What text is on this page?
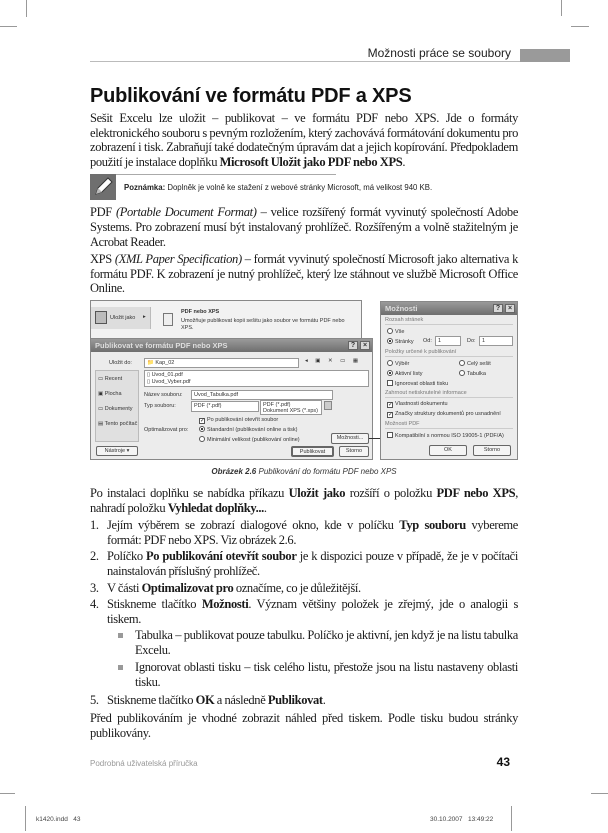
Možnosti práce se soubory
Publikování ve formátu PDF a XPS
Sešit Excelu lze uložit – publikovat – ve formátu PDF nebo XPS. Jde o formáty elektronického souboru s pevným rozložením, který zachovává formátování dokumentu pro zobrazení i tisk. Zabraňují také dodatečným úpravám dat a jejich kopírování. Předpokladem použití je instalace doplňku Microsoft Uložit jako PDF nebo XPS.
Poznámka: Doplněk je volně ke stažení z webové stránky Microsoft, má velikost 940 KB.
PDF (Portable Document Format) – velice rozšířený formát vyvinutý společností Adobe Systems. Pro zobrazení musí být instalovaný prohlížeč. Rozšířeným a volně stažitelným je Acrobat Reader.
XPS (XML Paper Specification) – formát vyvinutý společností Microsoft jako alternativa k formátu PDF. K zobrazení je nutný prohlížeč, který lze stáhnout ve službě Microsoft Office Online.
Uložit jako ▸
PDF nebo XPS
Umožňuje publikovat kopii sešitu jako soubor ve formátu PDF nebo XPS.
Publikovat ve formátu PDF nebo XPS	?	×
Uložit do:	📁 Kap_02	◂ ▣ ✕ ▭ ▦
▭ Recent
▣ Plocha
▭ Dokumenty
▤ Tento počítač
▯ Uvod_01.pdf
▯ Uvod_Vyber.pdf
Název souboru:	Uvod_Tabulka.pdf
Typ souboru:	PDF (*.pdf)	PDF (*.pdf)
Dokument XPS (*.xps)
✓ Po publikování otevřít soubor
Optimalizovat pro:	Standardní (publikování online a tisk)
Minimální velikost (publikování online)	Možnosti...
Nástroje ▾	Publikovat	Storno
Možnosti	?	×
Rozsah stránek
Vše
Stránky Od:	1	Do:	1
Položky určené k publikování
Výběr	Celý sešit
Aktivní listy	Tabulka
Ignorovat oblasti tisku
Zahrnout netisknutelné informace
✓ Vlastnosti dokumentu
✓ Značky struktury dokumentů pro usnadnění
Možnosti PDF
Kompatibilní s normou ISO 19005-1 (PDF/A)
OK	Storno
Obrázek 2.6 Publikování do formátu PDF nebo XPS
Po instalaci doplňku se nabídka příkazu Uložit jako rozšíří o položku PDF nebo XPS, nahradí položku Vyhledat doplňky....
1. Jejím výběrem se zobrazí dialogové okno, kde v políčku Typ souboru vybereme formát: PDF nebo XPS. Viz obrázek 2.6.
2. Políčko Po publikování otevřít soubor je k dispozici pouze v případě, že je v počítači nainstalován příslušný prohlížeč.
3. V části Optimalizovat pro označíme, co je důležitější.
4. Stiskneme tlačítko Možnosti. Význam většiny položek je zřejmý, jde o analogii s tiskem.
Tabulka – publikovat pouze tabulku. Políčko je aktivní, jen když je na listu tabulka Excelu.
Ignorovat oblasti tisku – tisk celého listu, přestože jsou na listu nastaveny oblasti tisku.
5. Stiskneme tlačítko OK a následně Publikovat.
Před publikováním je vhodné zobrazit náhled před tiskem. Podle tisku budou stránky publikovány.
Podrobná uživatelská příručka	43
k1420.indd   43	30.10.2007   13:49:22
